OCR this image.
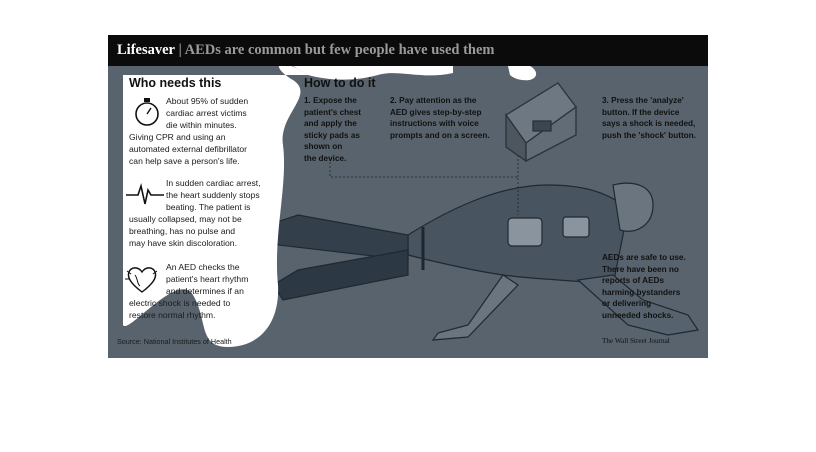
Lifesaver | AEDs are common but few people have used them
Who needs this
About 95% of sudden
cardiac arrest victims
die within minutes.
Giving CPR and using an
automated external defibrillator
can help save a person's life.
In sudden cardiac arrest,
the heart suddenly stops
beating. The patient is
usually collapsed, may not be
breathing, has no pulse and
may have skin discoloration.
An AED checks the
patient's heart rhythm
and determines if an
electric shock is needed to
restore normal rhythm.
How to do it
1. Expose the
patient's chest
and apply the
sticky pads as
shown on
the device.
2. Pay attention as the
AED gives step-by-step
instructions with voice
prompts and on a screen.
3. Press the 'analyze'
button. If the device
says a shock is needed,
push the 'shock' button.
AEDs are safe to use.
There have been no
reports of AEDs
harming bystanders
or delivering
unneeded shocks.
Source: National Institutes of Health	The Wall Street Journal
